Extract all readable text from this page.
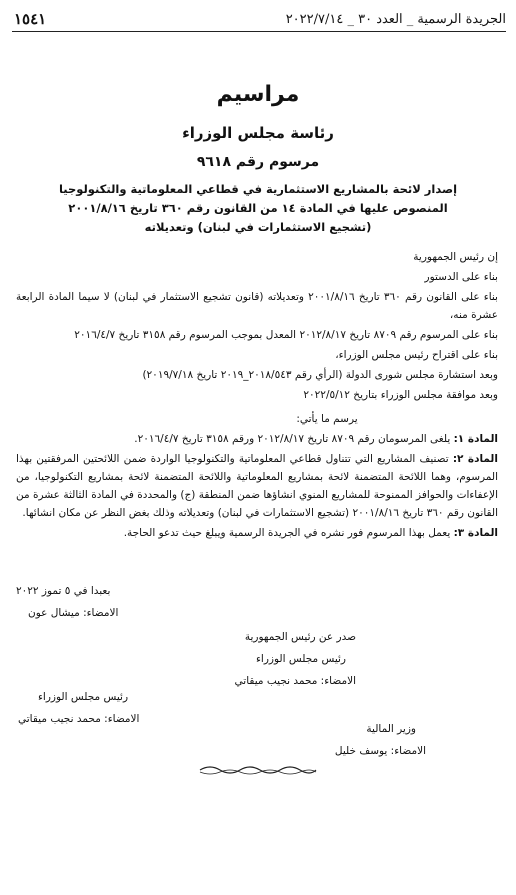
الجريدة الرسمية _ العدد ٣٠ _ ٢٠٢٢/٧/١٤
١٥٤١
مراسيم
رئاسة مجلس الوزراء
مرسوم رقم ٩٦١٨
إصدار لائحة بالمشاريع الاستثمارية في قطاعي المعلوماتية والتكنولوجيا
المنصوص عليها في المادة ١٤ من القانون رقم ٣٦٠ تاريخ ٢٠٠١/٨/١٦
(تشجيع الاستثمارات في لبنان) وتعديلاته

إن رئيس الجمهورية

بناء على الدستور

بناء على القانون رقم ٣٦٠ تاريخ ٢٠٠١/٨/١٦ وتعديلاته (قانون تشجيع الاستثمار في لبنان) لا سيما المادة الرابعة عشرة منه،

بناء على المرسوم رقم ٨٧٠٩ تاريخ ٢٠١٢/٨/١٧ المعدل بموجب المرسوم رقم ٣١٥٨ تاريخ ٢٠١٦/٤/٧

بناء على اقتراح رئيس مجلس الوزراء،

وبعد استشارة مجلس شورى الدولة (الرأي رقم ٢٠١٨/٥٤٣_٢٠١٩ تاريخ ٢٠١٩/٧/١٨)

وبعد موافقة مجلس الوزراء بتاريخ ٢٠٢٢/٥/١٢

يرسم ما يأتي:

المادة ١: يلغى المرسومان رقم ٨٧٠٩ تاريخ ٢٠١٢/٨/١٧ ورقم ٣١٥٨ تاريخ ٢٠١٦/٤/٧.

المادة ٢: تصنيف المشاريع التي تتناول قطاعي المعلوماتية والتكنولوجيا الواردة ضمن اللائحتين المرفقتين بهذا المرسوم، وهما اللائحة المتضمنة لائحة بمشاريع المعلوماتية واللائحة المتضمنة لائحة بمشاريع التكنولوجيا، من الإعفاءات والحوافز الممنوحة للمشاريع المنوي انشاؤها ضمن المنطقة (ج) والمحددة في المادة الثالثة عشرة من القانون رقم ٣٦٠ تاريخ ٢٠٠١/٨/١٦ (تشجيع الاستثمارات في لبنان) وتعديلاته وذلك بغض النظر عن مكان انشائها.

المادة ٣: يعمل بهذا المرسوم فور نشره في الجريدة الرسمية ويبلغ حيث تدعو الحاجة.

بعبدا في ٥ تموز ٢٠٢٢
الامضاء: ميشال عون
صدر عن رئيس الجمهورية
رئيس مجلس الوزراء
الامضاء: محمد نجيب ميقاتي
رئيس مجلس الوزراء
الامضاء: محمد نجيب ميقاتي
وزير المالية
الامضاء: يوسف خليل
